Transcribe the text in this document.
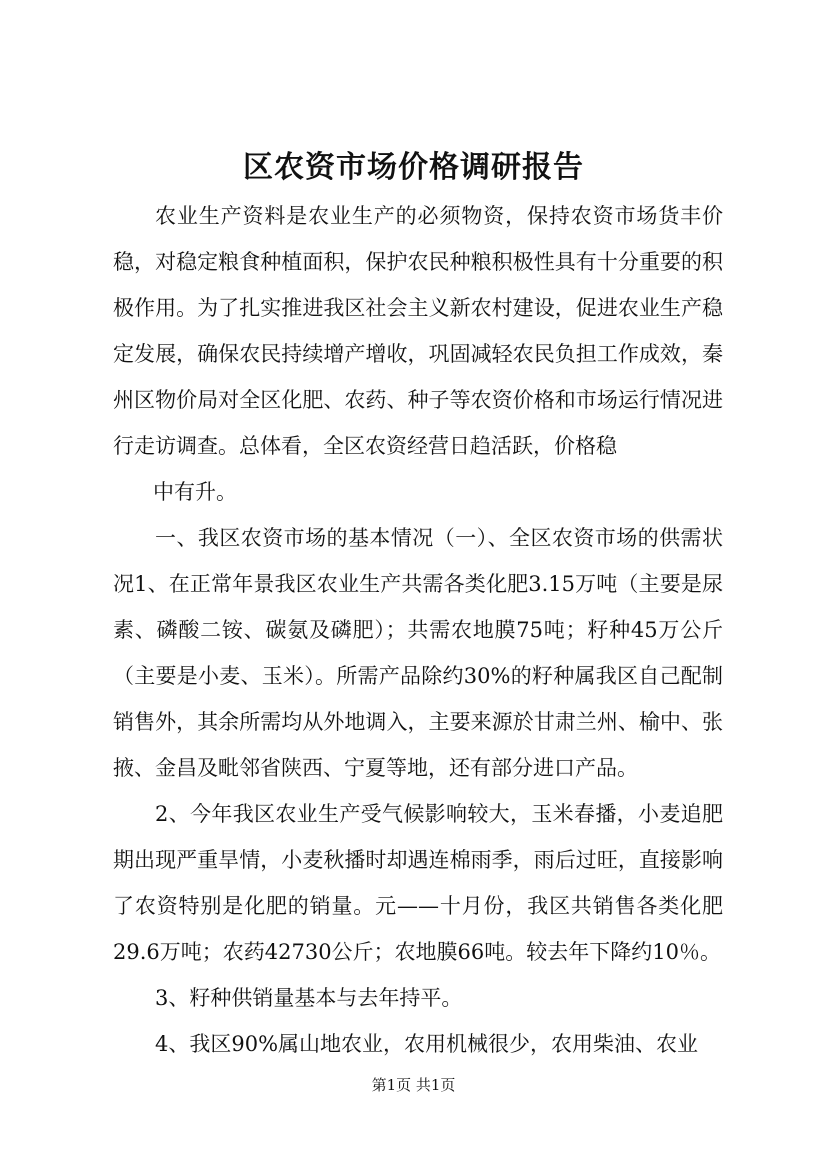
区农资市场价格调研报告

农业生产资料是农业生产的必须物资，保持农资市场货丰价稳，对稳定粮食种植面积，保护农民种粮积极性具有十分重要的积极作用。为了扎实推进我区社会主义新农村建设，促进农业生产稳定发展，确保农民持续增产增收，巩固减轻农民负担工作成效，秦州区物价局对全区化肥、农药、种子等农资价格和市场运行情况进行走访调查。总体看，全区农资经营日趋活跃，价格稳

中有升。

一、我区农资市场的基本情况（一）、全区农资市场的供需状况1、在正常年景我区农业生产共需各类化肥3.15万吨（主要是尿素、磷酸二铵、碳氨及磷肥）；共需农地膜75吨；籽种45万公斤（主要是小麦、玉米）。所需产品除约30%的籽种属我区自己配制销售外，其余所需均从外地调入，主要来源於甘肃兰州、榆中、张掖、金昌及毗邻省陕西、宁夏等地，还有部分进口产品。

2、今年我区农业生产受气候影响较大，玉米春播，小麦追肥期出现严重旱情，小麦秋播时却遇连棉雨季，雨后过旺，直接影响了农资特别是化肥的销量。元——十月份，我区共销售各类化肥29.6万吨；农药42730公斤；农地膜66吨。较去年下降约10％。

3、籽种供销量基本与去年持平。

4、我区90%属山地农业，农用机械很少，农用柴油、农业

第1页 共1页
